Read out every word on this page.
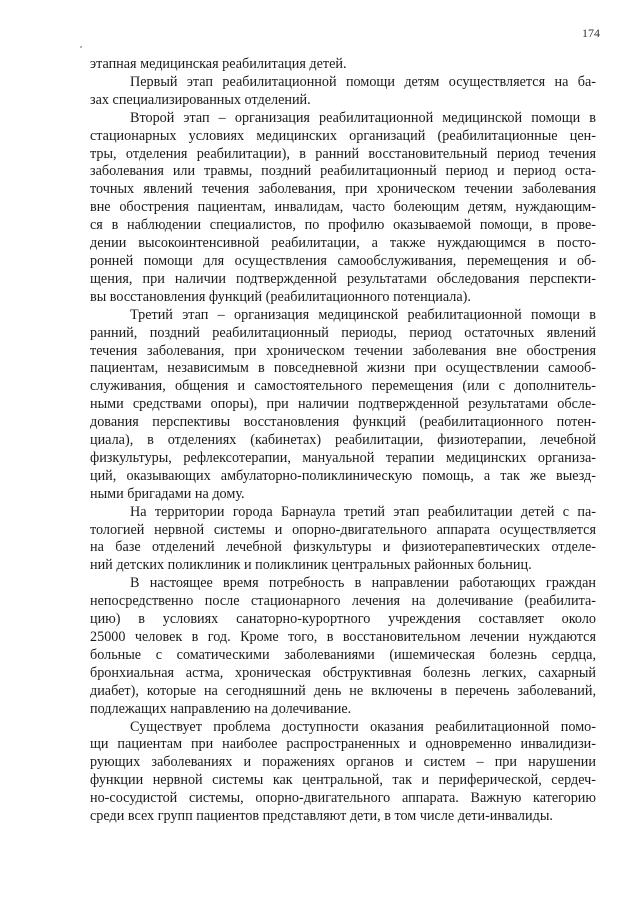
174
этапная медицинская реабилитация детей.
Первый этап реабилитационной помощи детям осуществляется на ба-
зах специализированных отделений.
Второй этап – организация реабилитационной медицинской помощи в
стационарных условиях медицинских организаций (реабилитационные цен-
тры, отделения реабилитации), в ранний восстановительный период течения
заболевания или травмы, поздний реабилитационный период и период оста-
точных явлений течения заболевания, при хроническом течении заболевания
вне обострения пациентам, инвалидам, часто болеющим детям, нуждающим-
ся в наблюдении специалистов, по профилю оказываемой помощи, в прове-
дении высокоинтенсивной реабилитации, а также нуждающимся в посто-
ронней помощи для осуществления самообслуживания, перемещения и об-
щения, при наличии подтвержденной результатами обследования перспекти-
вы восстановления функций (реабилитационного потенциала).
Третий этап – организация медицинской реабилитационной помощи в
ранний, поздний реабилитационный периоды, период остаточных явлений
течения заболевания, при хроническом течении заболевания вне обострения
пациентам, независимым в повседневной жизни при осуществлении самооб-
служивания, общения и самостоятельного перемещения (или с дополнитель-
ными средствами опоры), при наличии подтвержденной результатами обсле-
дования перспективы восстановления функций (реабилитационного потен-
циала), в отделениях (кабинетах) реабилитации, физиотерапии, лечебной
физкультуры, рефлексотерапии, мануальной терапии медицинских организа-
ций, оказывающих амбулаторно-поликлиническую помощь, а так же выезд-
ными бригадами на дому.
На территории города Барнаула третий этап реабилитации детей с па-
тологией нервной системы и опорно-двигательного аппарата осуществляется
на базе отделений лечебной физкультуры и физиотерапевтических отделе-
ний детских поликлиник и поликлиник центральных районных больниц.
В настоящее время потребность в направлении работающих граждан
непосредственно после стационарного лечения на долечивание (реабилита-
цию) в условиях санаторно-курортного учреждения составляет около
25000 человек в год. Кроме того, в восстановительном лечении нуждаются
больные с соматическими заболеваниями (ишемическая болезнь сердца,
бронхиальная астма, хроническая обструктивная болезнь легких, сахарный
диабет), которые на сегодняшний день не включены в перечень заболеваний,
подлежащих направлению на долечивание.
Существует проблема доступности оказания реабилитационной помо-
щи пациентам при наиболее распространенных и одновременно инвалидизи-
рующих заболеваниях и поражениях органов и систем – при нарушении
функции нервной системы как центральной, так и периферической, сердеч-
но-сосудистой системы, опорно-двигательного аппарата. Важную категорию
среди всех групп пациентов представляют дети, в том числе дети-инвалиды.
